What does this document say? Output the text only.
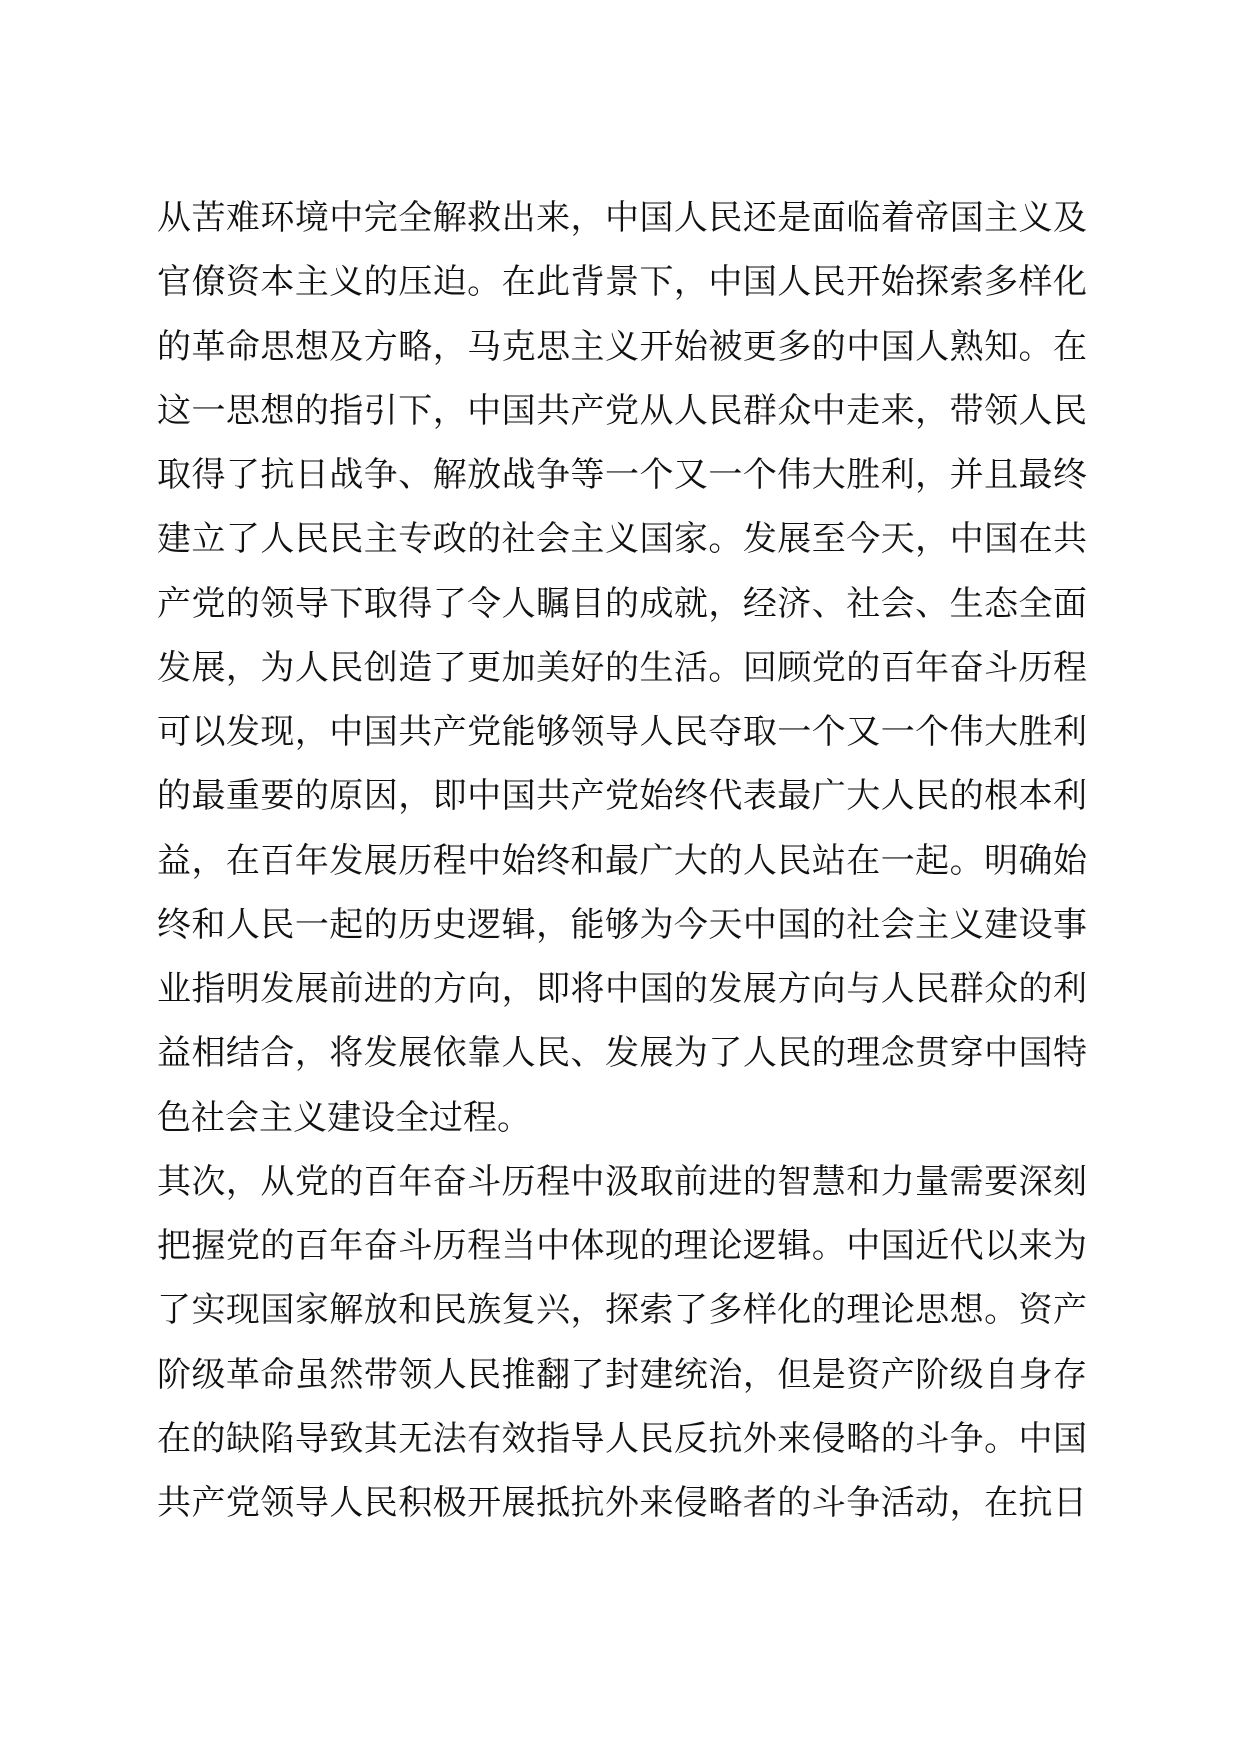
从苦难环境中完全解救出来，中国人民还是面临着帝国主义及
官僚资本主义的压迫。在此背景下，中国人民开始探索多样化
的革命思想及方略，马克思主义开始被更多的中国人熟知。在
这一思想的指引下，中国共产党从人民群众中走来，带领人民
取得了抗日战争、解放战争等一个又一个伟大胜利，并且最终
建立了人民民主专政的社会主义国家。发展至今天，中国在共
产党的领导下取得了令人瞩目的成就，经济、社会、生态全面
发展，为人民创造了更加美好的生活。回顾党的百年奋斗历程
可以发现，中国共产党能够领导人民夺取一个又一个伟大胜利
的最重要的原因，即中国共产党始终代表最广大人民的根本利
益，在百年发展历程中始终和最广大的人民站在一起。明确始
终和人民一起的历史逻辑，能够为今天中国的社会主义建设事
业指明发展前进的方向，即将中国的发展方向与人民群众的利
益相结合，将发展依靠人民、发展为了人民的理念贯穿中国特
色社会主义建设全过程。
其次，从党的百年奋斗历程中汲取前进的智慧和力量需要深刻
把握党的百年奋斗历程当中体现的理论逻辑。中国近代以来为
了实现国家解放和民族复兴，探索了多样化的理论思想。资产
阶级革命虽然带领人民推翻了封建统治，但是资产阶级自身存
在的缺陷导致其无法有效指导人民反抗外来侵略的斗争。中国
共产党领导人民积极开展抵抗外来侵略者的斗争活动，在抗日
